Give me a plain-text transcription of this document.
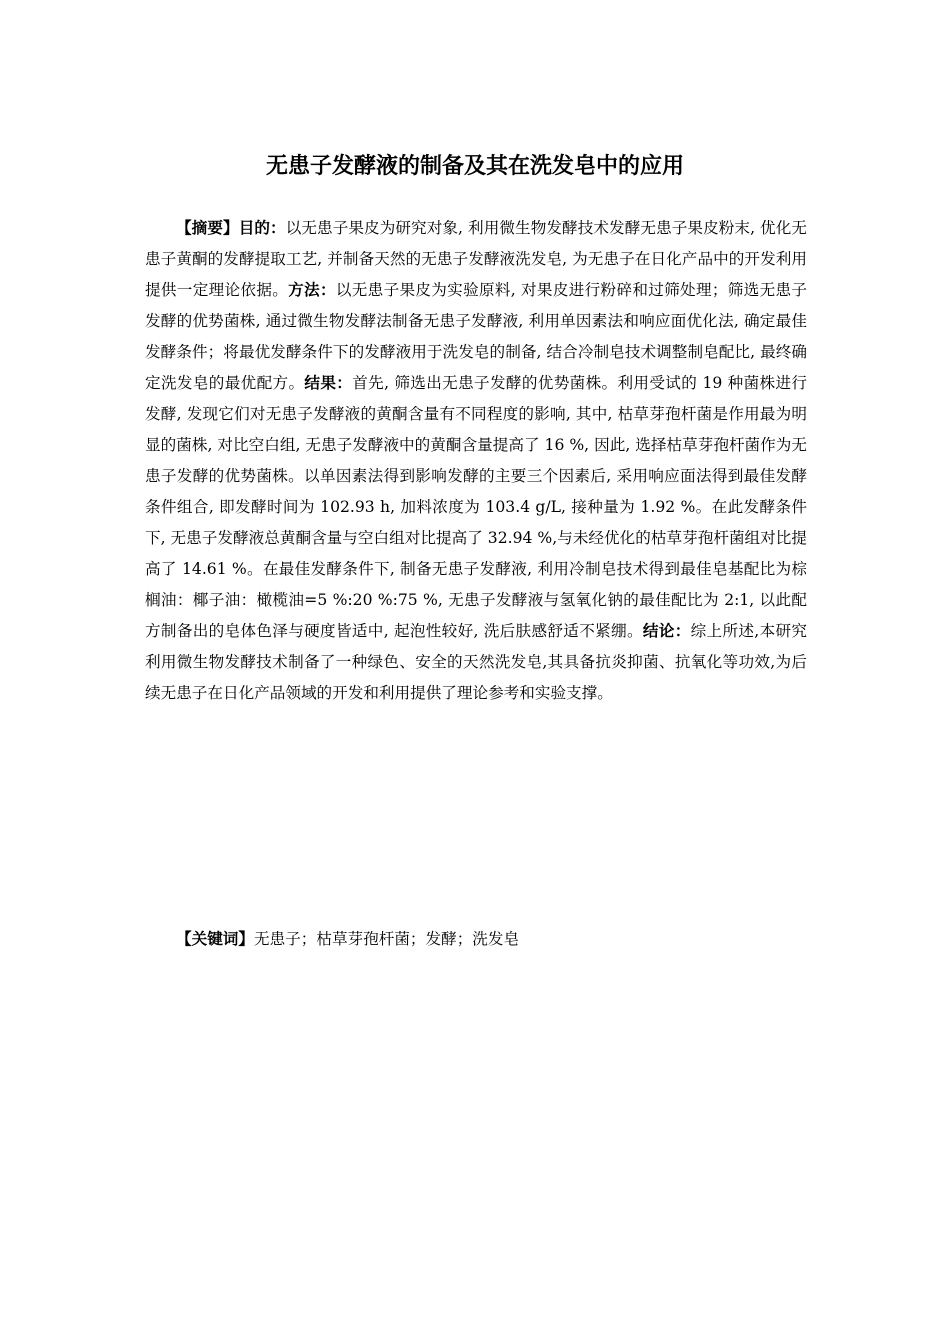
无患子发酵液的制备及其在洗发皂中的应用

【摘要】目的：以无患子果皮为研究对象, 利用微生物发酵技术发酵无患子果皮粉末, 优化无患子黄酮的发酵提取工艺, 并制备天然的无患子发酵液洗发皂, 为无患子在日化产品中的开发利用提供一定理论依据。方法：以无患子果皮为实验原料, 对果皮进行粉碎和过筛处理；筛选无患子发酵的优势菌株, 通过微生物发酵法制备无患子发酵液, 利用单因素法和响应面优化法, 确定最佳发酵条件；将最优发酵条件下的发酵液用于洗发皂的制备, 结合冷制皂技术调整制皂配比, 最终确定洗发皂的最优配方。结果：首先, 筛选出无患子发酵的优势菌株。利用受试的 19 种菌株进行发酵, 发现它们对无患子发酵液的黄酮含量有不同程度的影响, 其中, 枯草芽孢杆菌是作用最为明显的菌株, 对比空白组, 无患子发酵液中的黄酮含量提高了 16 %, 因此, 选择枯草芽孢杆菌作为无患子发酵的优势菌株。以单因素法得到影响发酵的主要三个因素后, 采用响应面法得到最佳发酵条件组合, 即发酵时间为 102.93 h, 加料浓度为 103.4 g/L, 接种量为 1.92 %。在此发酵条件下, 无患子发酵液总黄酮含量与空白组对比提高了 32.94 %,与未经优化的枯草芽孢杆菌组对比提高了 14.61 %。在最佳发酵条件下, 制备无患子发酵液, 利用冷制皂技术得到最佳皂基配比为棕榈油：椰子油：橄榄油=5 %:20 %:75 %, 无患子发酵液与氢氧化钠的最佳配比为 2:1, 以此配方制备出的皂体色泽与硬度皆适中, 起泡性较好, 洗后肤感舒适不紧绷。结论：综上所述,本研究利用微生物发酵技术制备了一种绿色、安全的天然洗发皂,其具备抗炎抑菌、抗氧化等功效,为后续无患子在日化产品领域的开发和利用提供了理论参考和实验支撑。

【关键词】无患子；枯草芽孢杆菌；发酵；洗发皂
